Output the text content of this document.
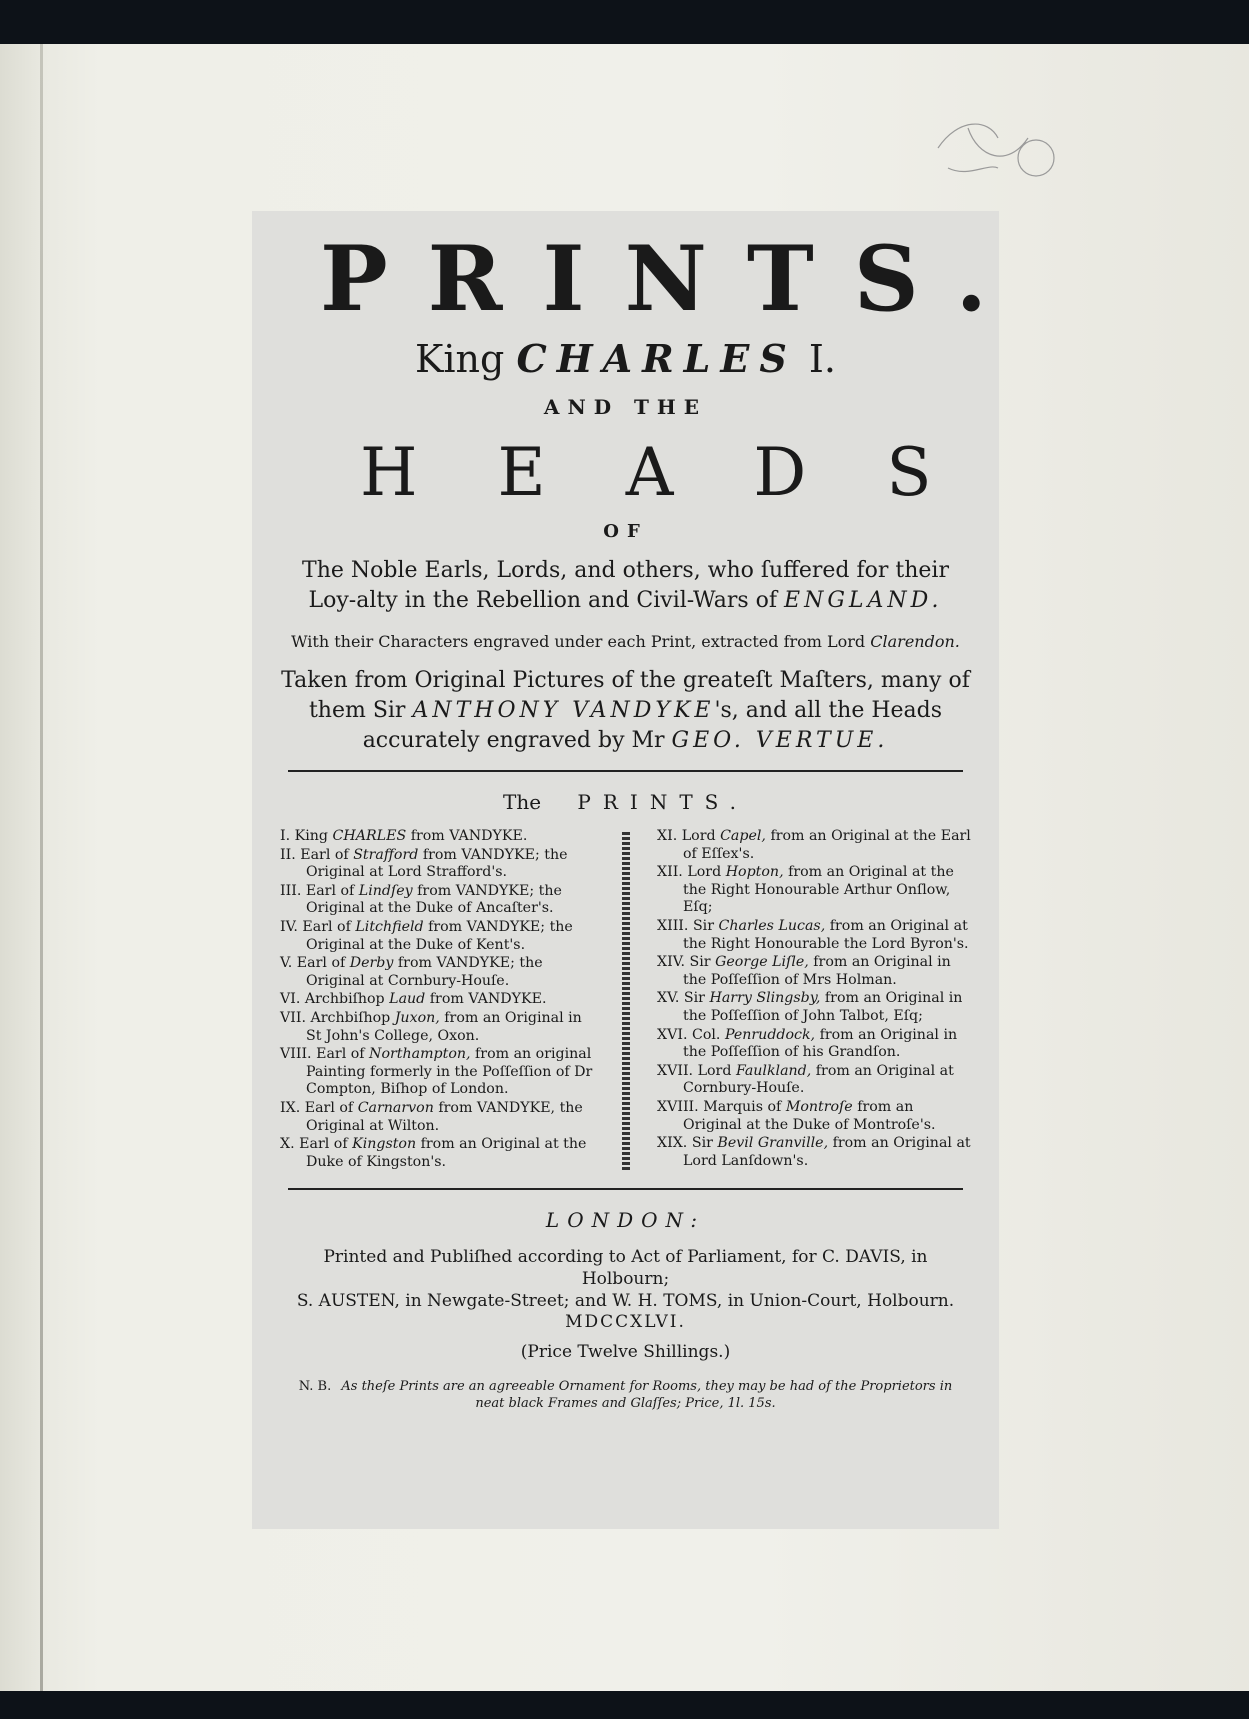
PRINTS.
King CHARLES I.
AND THE
HEADS
OF
The Noble Earls, Lords, and others, who ſuffered for their Loy-alty in the Rebellion and Civil-Wars of ENGLAND.
With their Characters engraved under each Print, extracted from Lord Clarendon.
Taken from Original Pictures of the greateſt Maſters, many of them Sir ANTHONY VANDYKE's, and all the Heads accurately engraved by Mr GEO. VERTUE.
The PRINTS.
I. King CHARLES from VANDYKE.
II. Earl of Strafford from VANDYKE; the Original at Lord Strafford's.
III. Earl of Lindſey from VANDYKE; the Original at the Duke of Ancaſter's.
IV. Earl of Litchfield from VANDYKE; the Original at the Duke of Kent's.
V. Earl of Derby from VANDYKE; the Original at Cornbury-Houſe.
VI. Archbiſhop Laud from VANDYKE.
VII. Archbiſhop Juxon, from an Original in St John's College, Oxon.
VIII. Earl of Northampton, from an original Painting formerly in the Poſſeſſion of Dr Compton, Biſhop of London.
IX. Earl of Carnarvon from VANDYKE, the Original at Wilton.
X. Earl of Kingston from an Original at the Duke of Kingston's.
XI. Lord Capel, from an Original at the Earl of Eſſex's.
XII. Lord Hopton, from an Original at the the Right Honourable Arthur Onſlow, Eſq;
XIII. Sir Charles Lucas, from an Original at the Right Honourable the Lord Byron's.
XIV. Sir George Liſle, from an Original in the Poſſeſſion of Mrs Holman.
XV. Sir Harry Slingsby, from an Original in the Poſſeſſion of John Talbot, Eſq;
XVI. Col. Penruddock, from an Original in the Poſſeſſion of his Grandſon.
XVII. Lord Faulkland, from an Original at Cornbury-Houſe.
XVIII. Marquis of Montroſe from an Original at the Duke of Montroſe's.
XIX. Sir Bevil Granville, from an Original at Lord Lanſdown's.
LONDON:
Printed and Publiſhed according to Act of Parliament, for C. DAVIS, in Holbourn;
S. AUSTEN, in Newgate-Street; and W. H. TOMS, in Union-Court, Holbourn.
MDCCXLVI.
(Price Twelve Shillings.)
N. B. As theſe Prints are an agreeable Ornament for Rooms, they may be had of the Proprietors in neat black Frames and Glaſſes; Price, 1l. 15s.
